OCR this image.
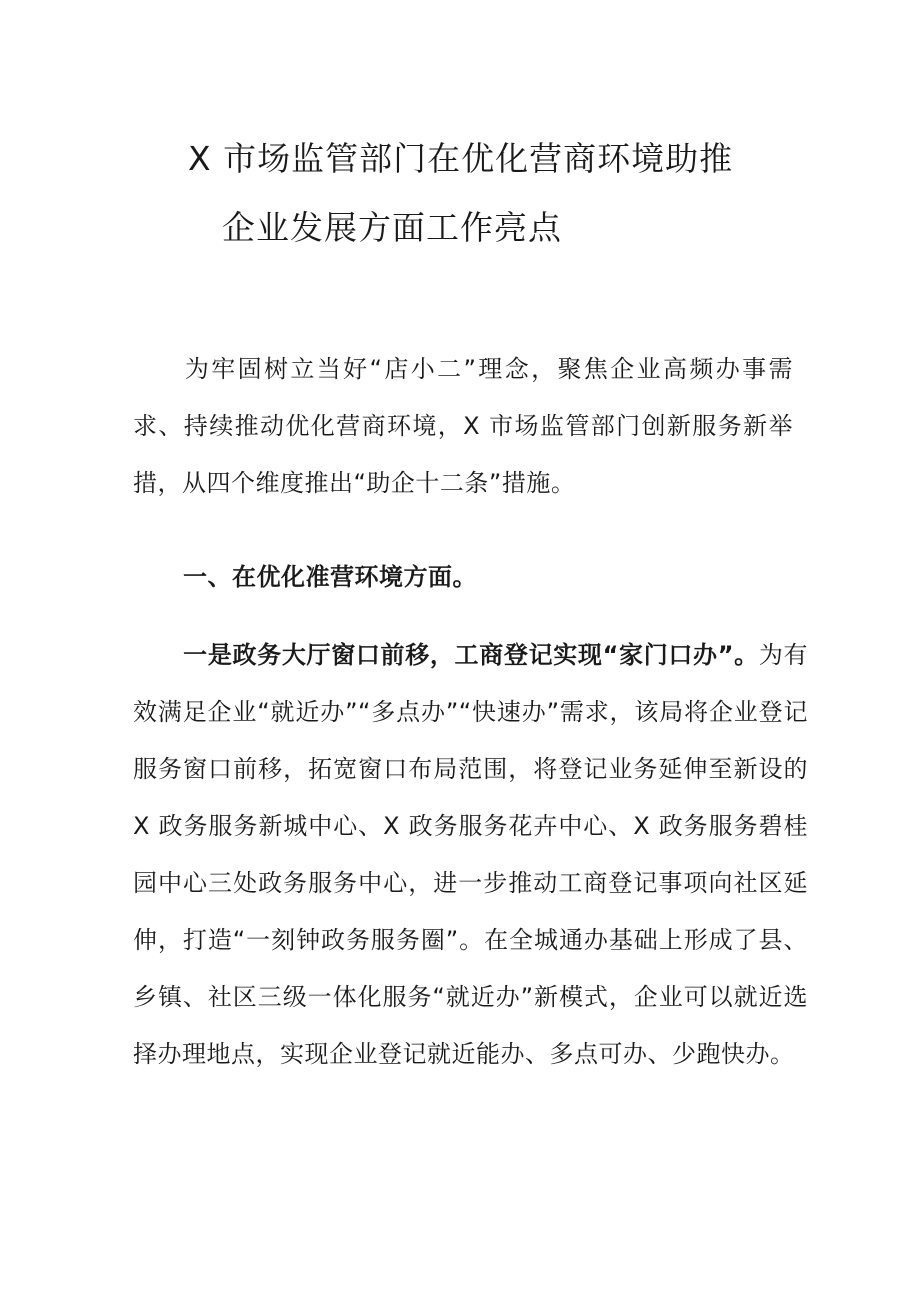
X 市场监管部门在优化营商环境助推
企业发展方面工作亮点

为牢固树立当好“店小二”理念，聚焦企业高频办事需求、持续推动优化营商环境，X 市场监管部门创新服务新举措，从四个维度推出“助企十二条”措施。

一、在优化准营环境方面。

一是政务大厅窗口前移，工商登记实现“家门口办”。为有效满足企业“就近办”“多点办”“快速办”需求，该局将企业登记服务窗口前移，拓宽窗口布局范围，将登记业务延伸至新设的 X 政务服务新城中心、X 政务服务花卉中心、X 政务服务碧桂园中心三处政务服务中心，进一步推动工商登记事项向社区延伸，打造“一刻钟政务服务圈”。在全城通办基础上形成了县、乡镇、社区三级一体化服务“就近办”新模式，企业可以就近选择办理地点，实现企业登记就近能办、多点可办、少跑快办。
